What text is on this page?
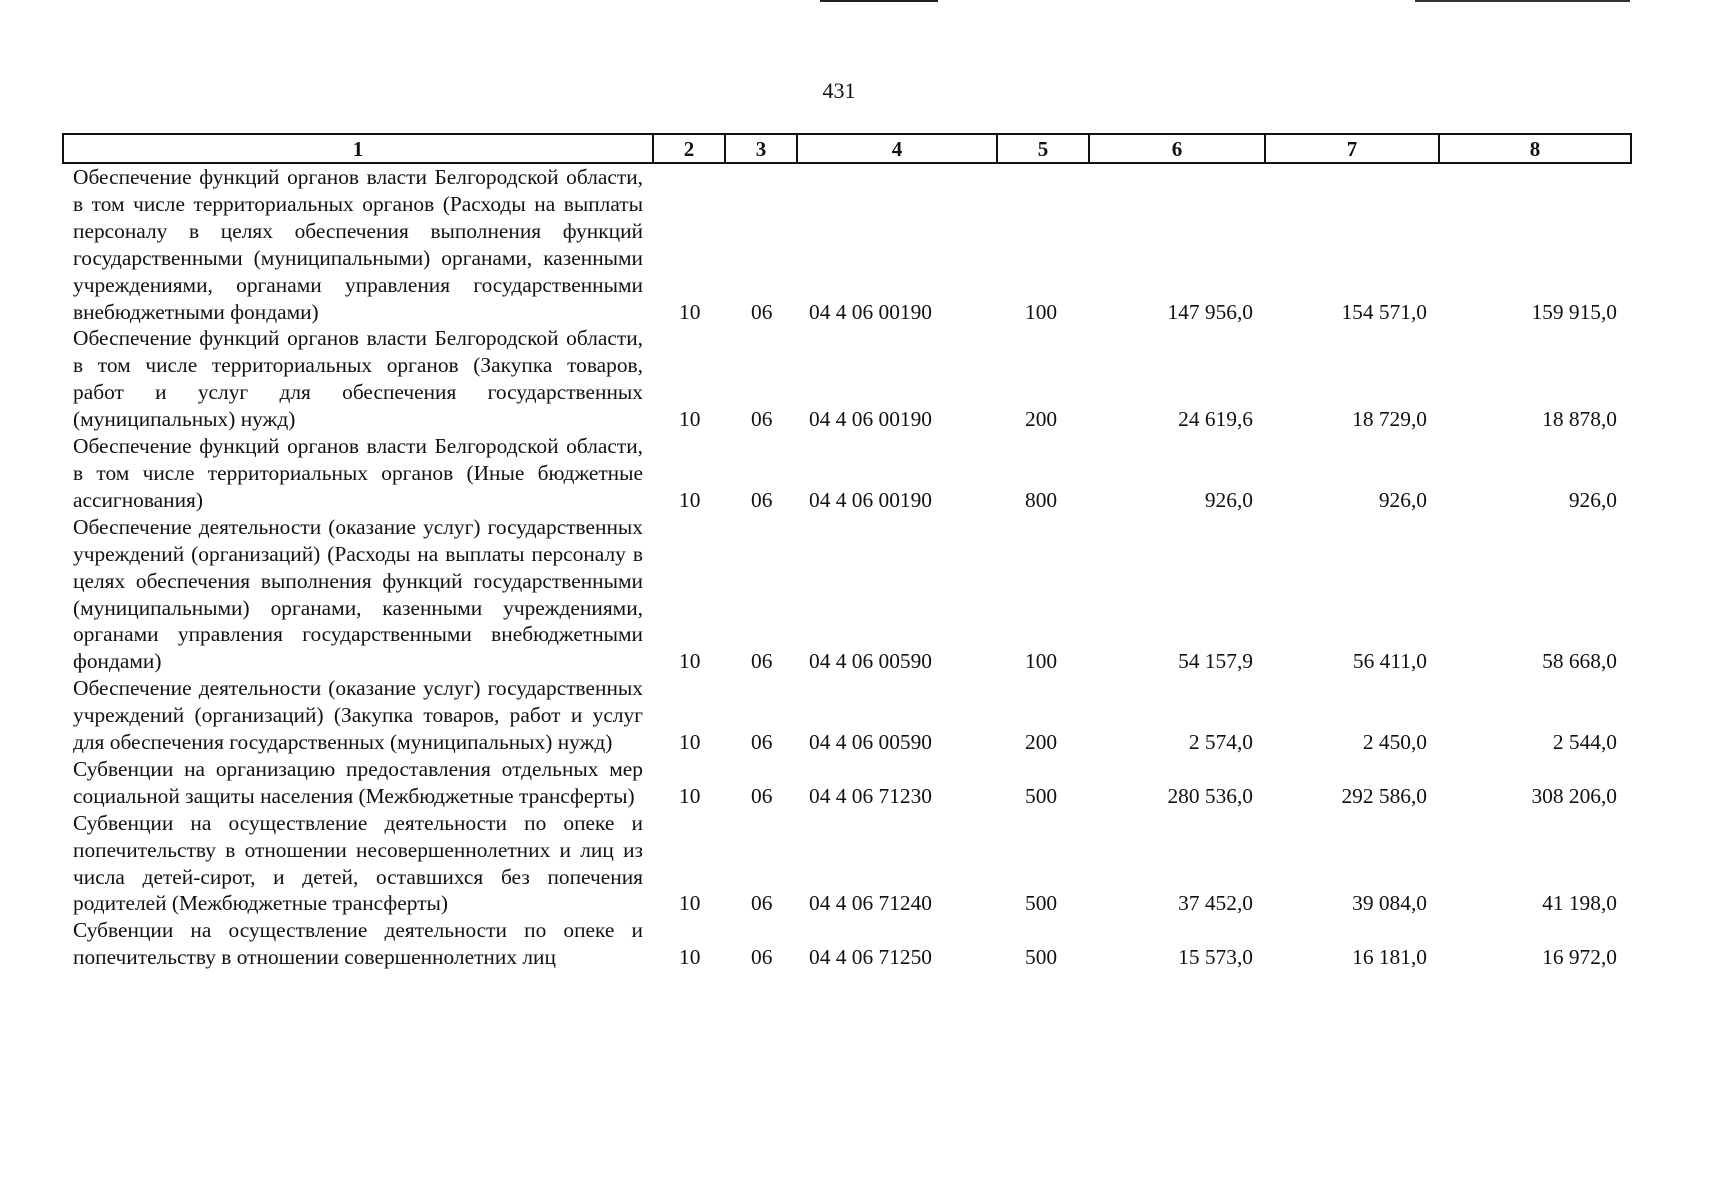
431
1	2	3	4	5	6	7	8
Обеспечение функций органов власти Белгородской области, в том числе территориальных органов (Расходы на выплаты персоналу в целях обеспечения выполнения функций государственными (муниципальными) органами, казенными учреждениями, органами управления государственными внебюджетными фондами)	10	06	04 4 06 00190	100	147 956,0	154 571,0	159 915,0
Обеспечение функций органов власти Белгородской области, в том числе территориальных органов (Закупка товаров, работ и услуг для обеспечения государственных (муниципальных) нужд)	10	06	04 4 06 00190	200	24 619,6	18 729,0	18 878,0
Обеспечение функций органов власти Белгородской области, в том числе территориальных органов (Иные бюджетные ассигнования)	10	06	04 4 06 00190	800	926,0	926,0	926,0
Обеспечение деятельности (оказание услуг) государственных учреждений (организаций) (Расходы на выплаты персоналу в целях обеспечения выполнения функций государственными (муниципальными) органами, казенными учреждениями, органами управления государственными внебюджетными фондами)	10	06	04 4 06 00590	100	54 157,9	56 411,0	58 668,0
Обеспечение деятельности (оказание услуг) государственных учреждений (организаций) (Закупка товаров, работ и услуг для обеспечения государственных (муниципальных) нужд)	10	06	04 4 06 00590	200	2 574,0	2 450,0	2 544,0
Субвенции на организацию предоставления отдельных мер социальной защиты населения (Межбюджетные трансферты)	10	06	04 4 06 71230	500	280 536,0	292 586,0	308 206,0
Субвенции на осуществление деятельности по опеке и попечительству в отношении несовершеннолетних и лиц из числа детей-сирот, и детей, оставшихся без попечения родителей (Межбюджетные трансферты)	10	06	04 4 06 71240	500	37 452,0	39 084,0	41 198,0
Субвенции на осуществление деятельности по опеке и попечительству в отношении совершеннолетних лиц	10	06	04 4 06 71250	500	15 573,0	16 181,0	16 972,0
